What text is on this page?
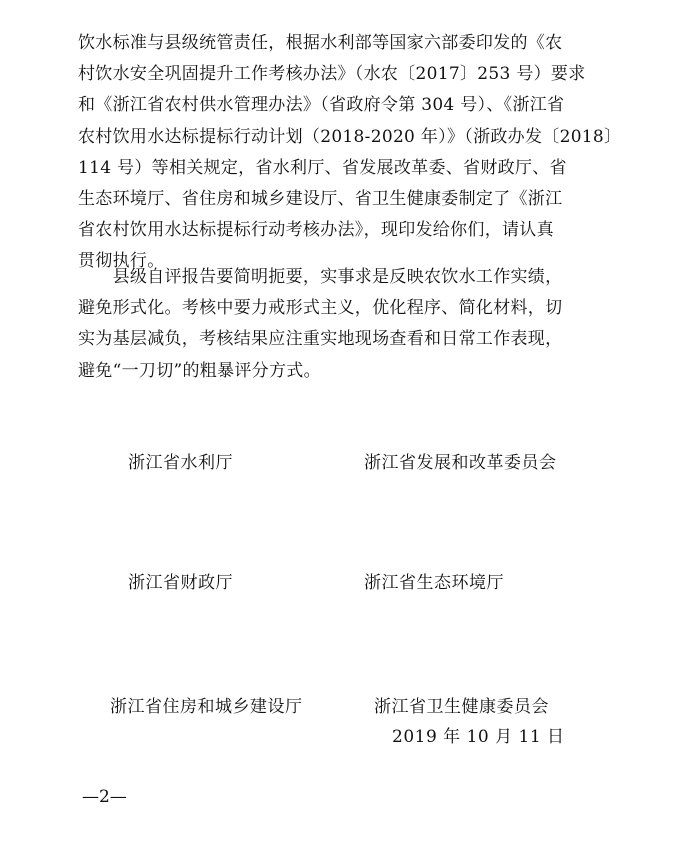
饮水标准与县级统管责任，根据水利部等国家六部委印发的《农
村饮水安全巩固提升工作考核办法》（水农〔2017〕253 号）要求
和《浙江省农村供水管理办法》（省政府令第 304 号）、《浙江省
农村饮用水达标提标行动计划（2018-2020 年）》（浙政办发〔2018〕
114 号）等相关规定，省水利厅、省发展改革委、省财政厅、省
生态环境厅、省住房和城乡建设厅、省卫生健康委制定了《浙江
省农村饮用水达标提标行动考核办法》，现印发给你们，请认真
贯彻执行。
　　县级自评报告要简明扼要，实事求是反映农饮水工作实绩，
避免形式化。考核中要力戒形式主义，优化程序、简化材料，切
实为基层减负，考核结果应注重实地现场查看和日常工作表现，
避免“一刀切”的粗暴评分方式。
浙江省水利厅	浙江省发展和改革委员会
浙江省财政厅	浙江省生态环境厅
浙江省住房和城乡建设厅	浙江省卫生健康委员会
2019 年 10 月 11 日
—2—
